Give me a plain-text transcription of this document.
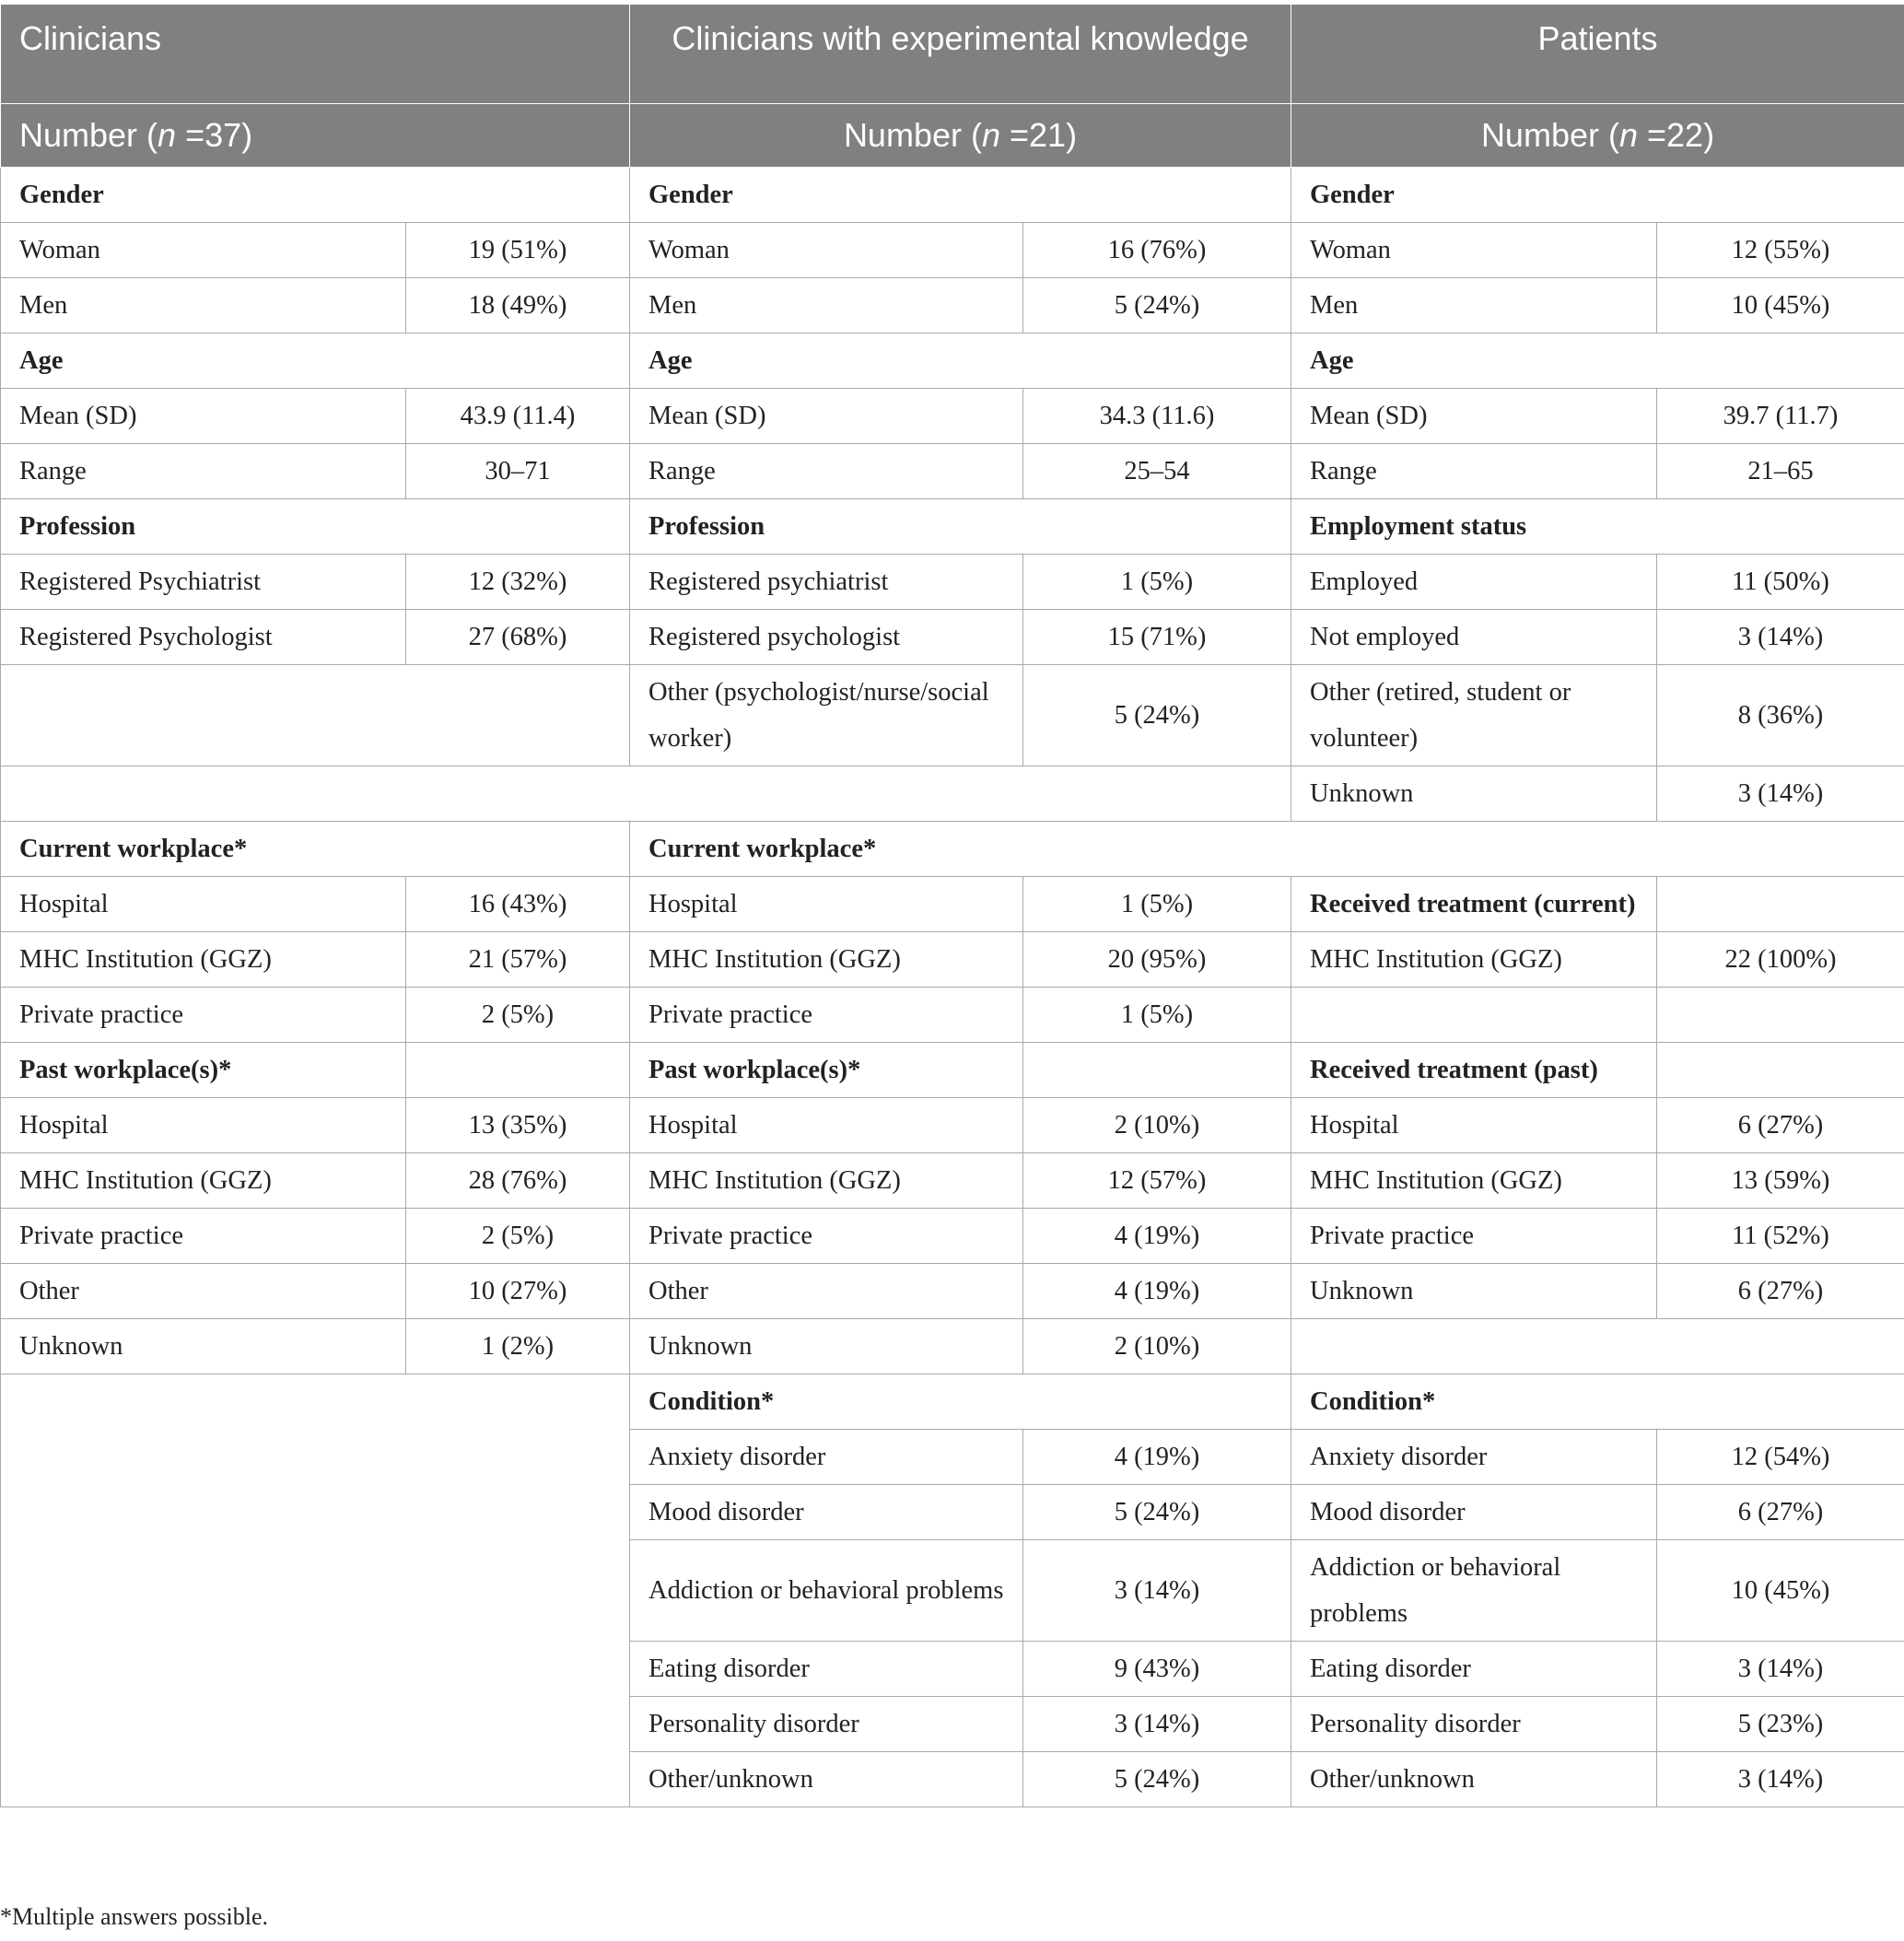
Clinicians		Clinicians with experimental knowledge		Patients	
Number (n =37)		Number (n =21)		Number (n =22)	
Gender		Gender		Gender	
Woman	19 (51%)	Woman	16 (76%)	Woman	12 (55%)
Men	18 (49%)	Men	5 (24%)	Men	10 (45%)
Age		Age		Age	
Mean (SD)	43.9 (11.4)	Mean (SD)	34.3 (11.6)	Mean (SD)	39.7 (11.7)
Range	30–71	Range	25–54	Range	21–65
Profession		Profession		Employment status	
Registered Psychiatrist	12 (32%)	Registered psychiatrist	1 (5%)	Employed	11 (50%)
Registered Psychologist	27 (68%)	Registered psychologist	15 (71%)	Not employed	3 (14%)
		Other (psychologist/nurse/social worker)	5 (24%)	Other (retired, student or volunteer)	8 (36%)
				Unknown	3 (14%)
Current workplace*		Current workplace*			
Hospital	16 (43%)	Hospital	1 (5%)	Received treatment (current)	
MHC Institution (GGZ)	21 (57%)	MHC Institution (GGZ)	20 (95%)	MHC Institution (GGZ)	22 (100%)
Private practice	2 (5%)	Private practice	1 (5%)		
Past workplace(s)*		Past workplace(s)*		Received treatment (past)	
Hospital	13 (35%)	Hospital	2 (10%)	Hospital	6 (27%)
MHC Institution (GGZ)	28 (76%)	MHC Institution (GGZ)	12 (57%)	MHC Institution (GGZ)	13 (59%)
Private practice	2 (5%)	Private practice	4 (19%)	Private practice	11 (52%)
Other	10 (27%)	Other	4 (19%)	Unknown	6 (27%)
Unknown	1 (2%)	Unknown	2 (10%)		
		Condition*		Condition*	
		Anxiety disorder	4 (19%)	Anxiety disorder	12 (54%)
		Mood disorder	5 (24%)	Mood disorder	6 (27%)
		Addiction or behavioral problems	3 (14%)	Addiction or behavioral problems	10 (45%)
		Eating disorder	9 (43%)	Eating disorder	3 (14%)
		Personality disorder	3 (14%)	Personality disorder	5 (23%)
		Other/unknown	5 (24%)	Other/unknown	3 (14%)
*Multiple answers possible.
